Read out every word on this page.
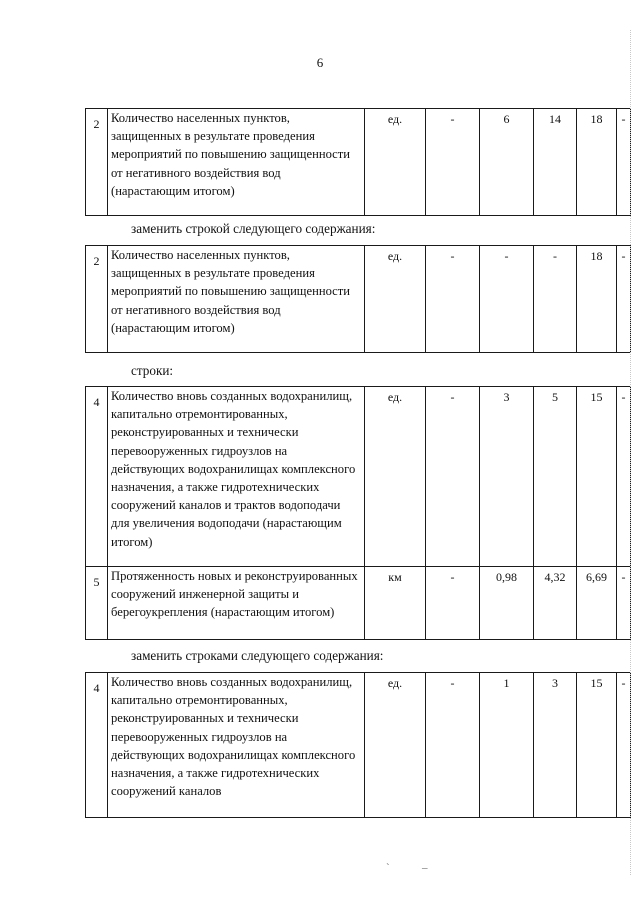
6
2	Количество населенных пунктов, защищенных в результате проведения мероприятий по повышению защищенности от негативного воздействия вод (нарастающим итогом)	ед.	-	6	14	18	-
заменить строкой следующего содержания:
2	Количество населенных пунктов, защищенных в результате проведения мероприятий по повышению защищенности от негативного воздействия вод (нарастающим итогом)	ед.	-	-	-	18	-
строки:
4	Количество вновь созданных водохранилищ, капитально отремонтированных, реконструированных и технически перевооруженных гидроузлов на действующих водохранилищах комплексного назначения, а также гидротехнических сооружений каналов и трактов водоподачи для увеличения водоподачи (нарастающим итогом)	ед.	-	3	5	15	-
5	Протяженность новых и реконструированных сооружений инженерной защиты и берегоукрепления (нарастающим итогом)	км	-	0,98	4,32	6,69	-
заменить строками следующего содержания:
4	Количество вновь созданных водохранилищ, капитально отремонтированных, реконструированных и технически перевооруженных гидроузлов на действующих водохранилищах комплексного назначения, а также гидротехнических сооружений каналов	ед.	-	1	3	15	-
`	_
